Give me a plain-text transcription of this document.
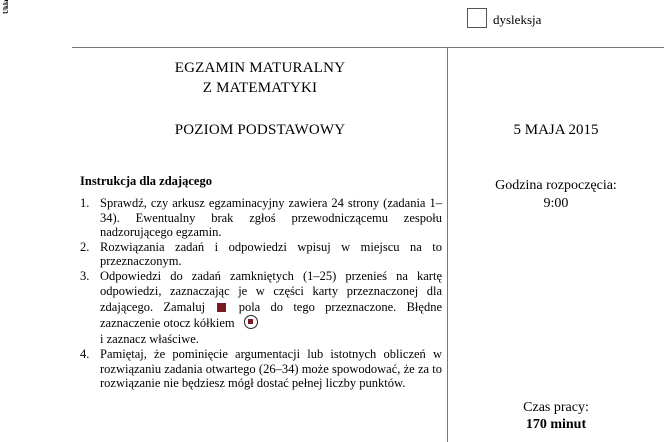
Ukła
dysleksja
EGZAMIN MATURALNY
Z MATEMATYKI
POZIOM PODSTAWOWY	5 MAJA 2015
Godzina rozpoczęcia:
9:00
Czas pracy:
170 minut
Instrukcja dla zdającego
1. Sprawdź, czy arkusz egzaminacyjny zawiera 24 strony (zadania 1–34). Ewentualny brak zgłoś przewodniczącemu zespołu nadzorującego egzamin.
2. Rozwiązania zadań i odpowiedzi wpisuj w miejscu na to przeznaczonym.
3. Odpowiedzi do zadań zamkniętych (1–25) przenieś na kartę odpowiedzi, zaznaczając je w części karty przeznaczonej dla zdającego. Zamaluj	pola do tego przeznaczone. Błędne zaznaczenie otocz kółkiem
i zaznacz właściwe.
4. Pamiętaj, że pominięcie argumentacji lub istotnych obliczeń w rozwiązaniu zadania otwartego (26–34) może spowodować, że za to rozwiązanie nie będziesz mógł dostać pełnej liczby punktów.
